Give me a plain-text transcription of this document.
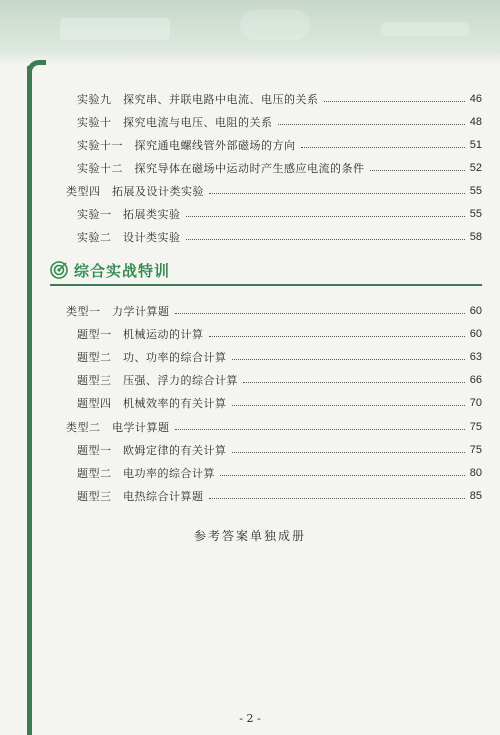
实验九　探究串、并联电路中电流、电压的关系	46
实验十　探究电流与电压、电阻的关系	48
实验十一　探究通电螺线管外部磁场的方向	51
实验十二　探究导体在磁场中运动时产生感应电流的条件	52
类型四　拓展及设计类实验	55
实验一　拓展类实验	55
实验二　设计类实验	58
综合实战特训
类型一　力学计算题	60
题型一　机械运动的计算	60
题型二　功、功率的综合计算	63
题型三　压强、浮力的综合计算	66
题型四　机械效率的有关计算	70
类型二　电学计算题	75
题型一　欧姆定律的有关计算	75
题型二　电功率的综合计算	80
题型三　电热综合计算题	85
参考答案单独成册
- 2 -
